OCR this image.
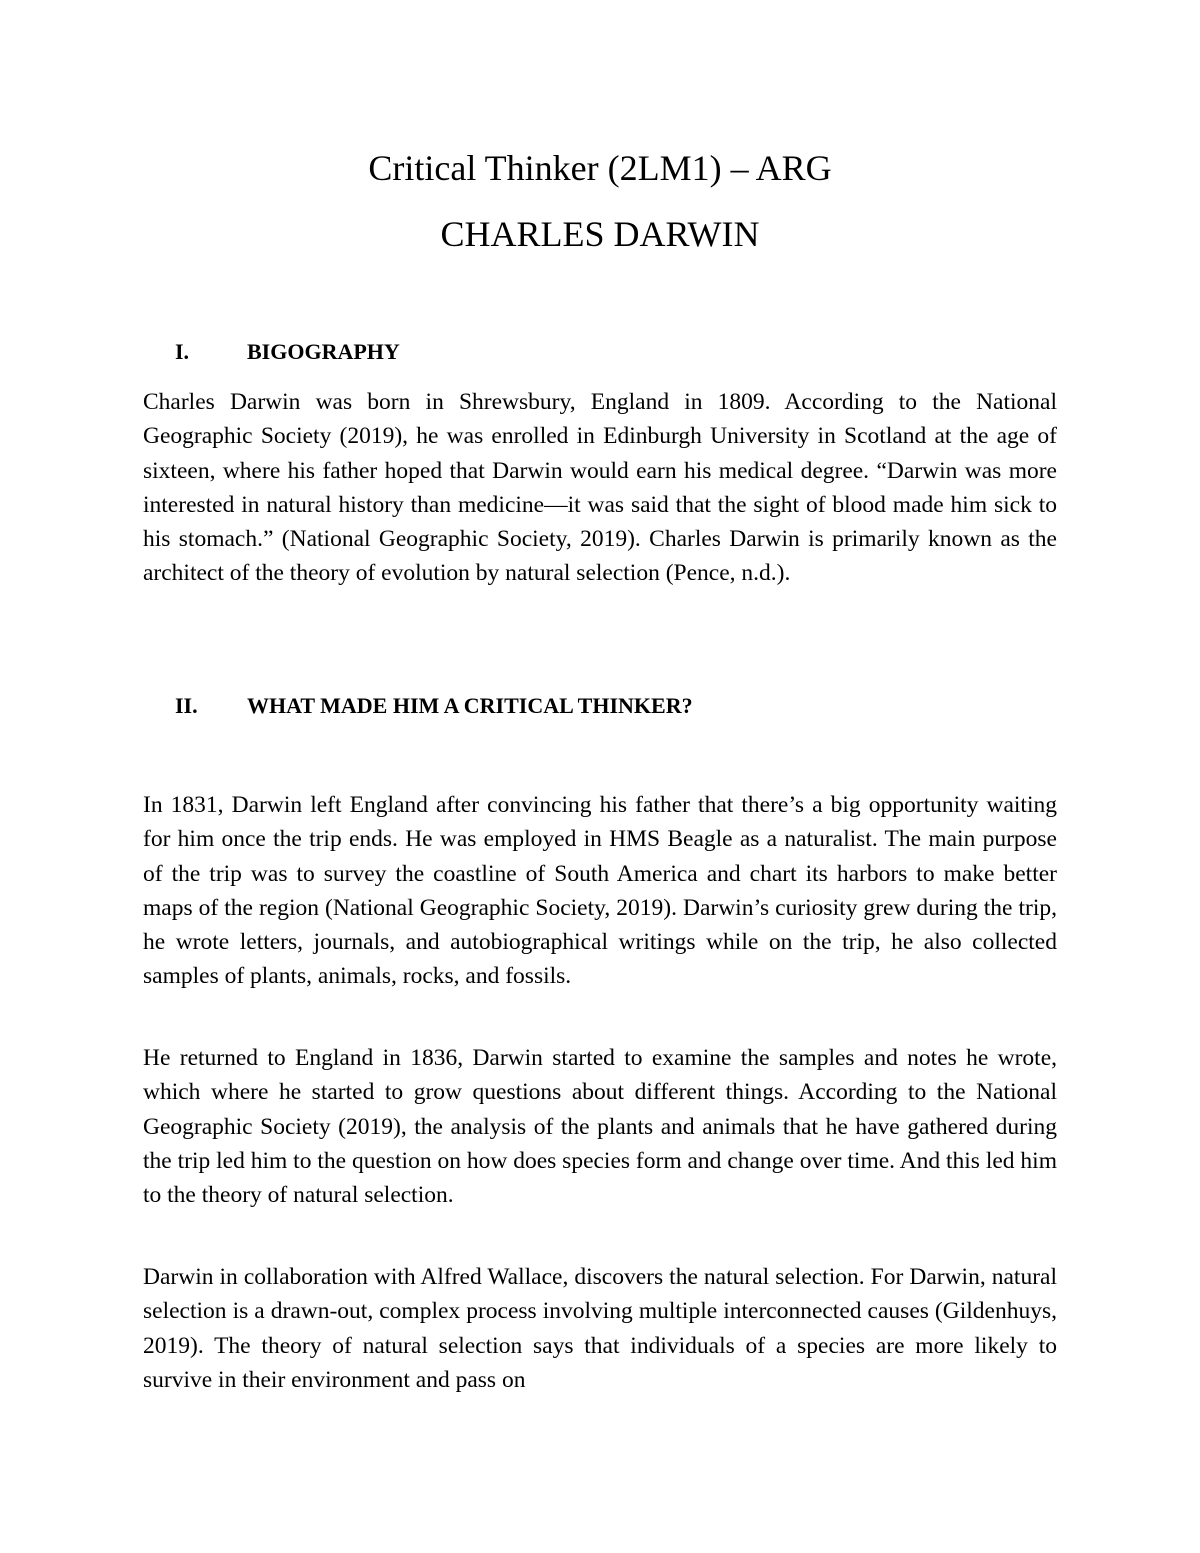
Critical Thinker (2LM1) – ARG
CHARLES DARWIN
I.	BIGOGRAPHY

Charles Darwin was born in Shrewsbury, England in 1809. According to the National Geographic Society (2019), he was enrolled in Edinburgh University in Scotland at the age of sixteen, where his father hoped that Darwin would earn his medical degree. “Darwin was more interested in natural history than medicine—it was said that the sight of blood made him sick to his stomach.” (National Geographic Society, 2019). Charles Darwin is primarily known as the architect of the theory of evolution by natural selection (Pence, n.d.).

II. WHAT MADE HIM A CRITICAL THINKER?

In 1831, Darwin left England after convincing his father that there’s a big opportunity waiting for him once the trip ends. He was employed in HMS Beagle as a naturalist. The main purpose of the trip was to survey the coastline of South America and chart its harbors to make better maps of the region (National Geographic Society, 2019). Darwin’s curiosity grew during the trip, he wrote letters, journals, and autobiographical writings while on the trip, he also collected samples of plants, animals, rocks, and fossils.

He returned to England in 1836, Darwin started to examine the samples and notes he wrote, which where he started to grow questions about different things. According to the National Geographic Society (2019), the analysis of the plants and animals that he have gathered during the trip led him to the question on how does species form and change over time. And this led him to the theory of natural selection.

Darwin in collaboration with Alfred Wallace, discovers the natural selection. For Darwin, natural selection is a drawn-out, complex process involving multiple interconnected causes (Gildenhuys, 2019). The theory of natural selection says that individuals of a species are more likely to survive in their environment and pass on
